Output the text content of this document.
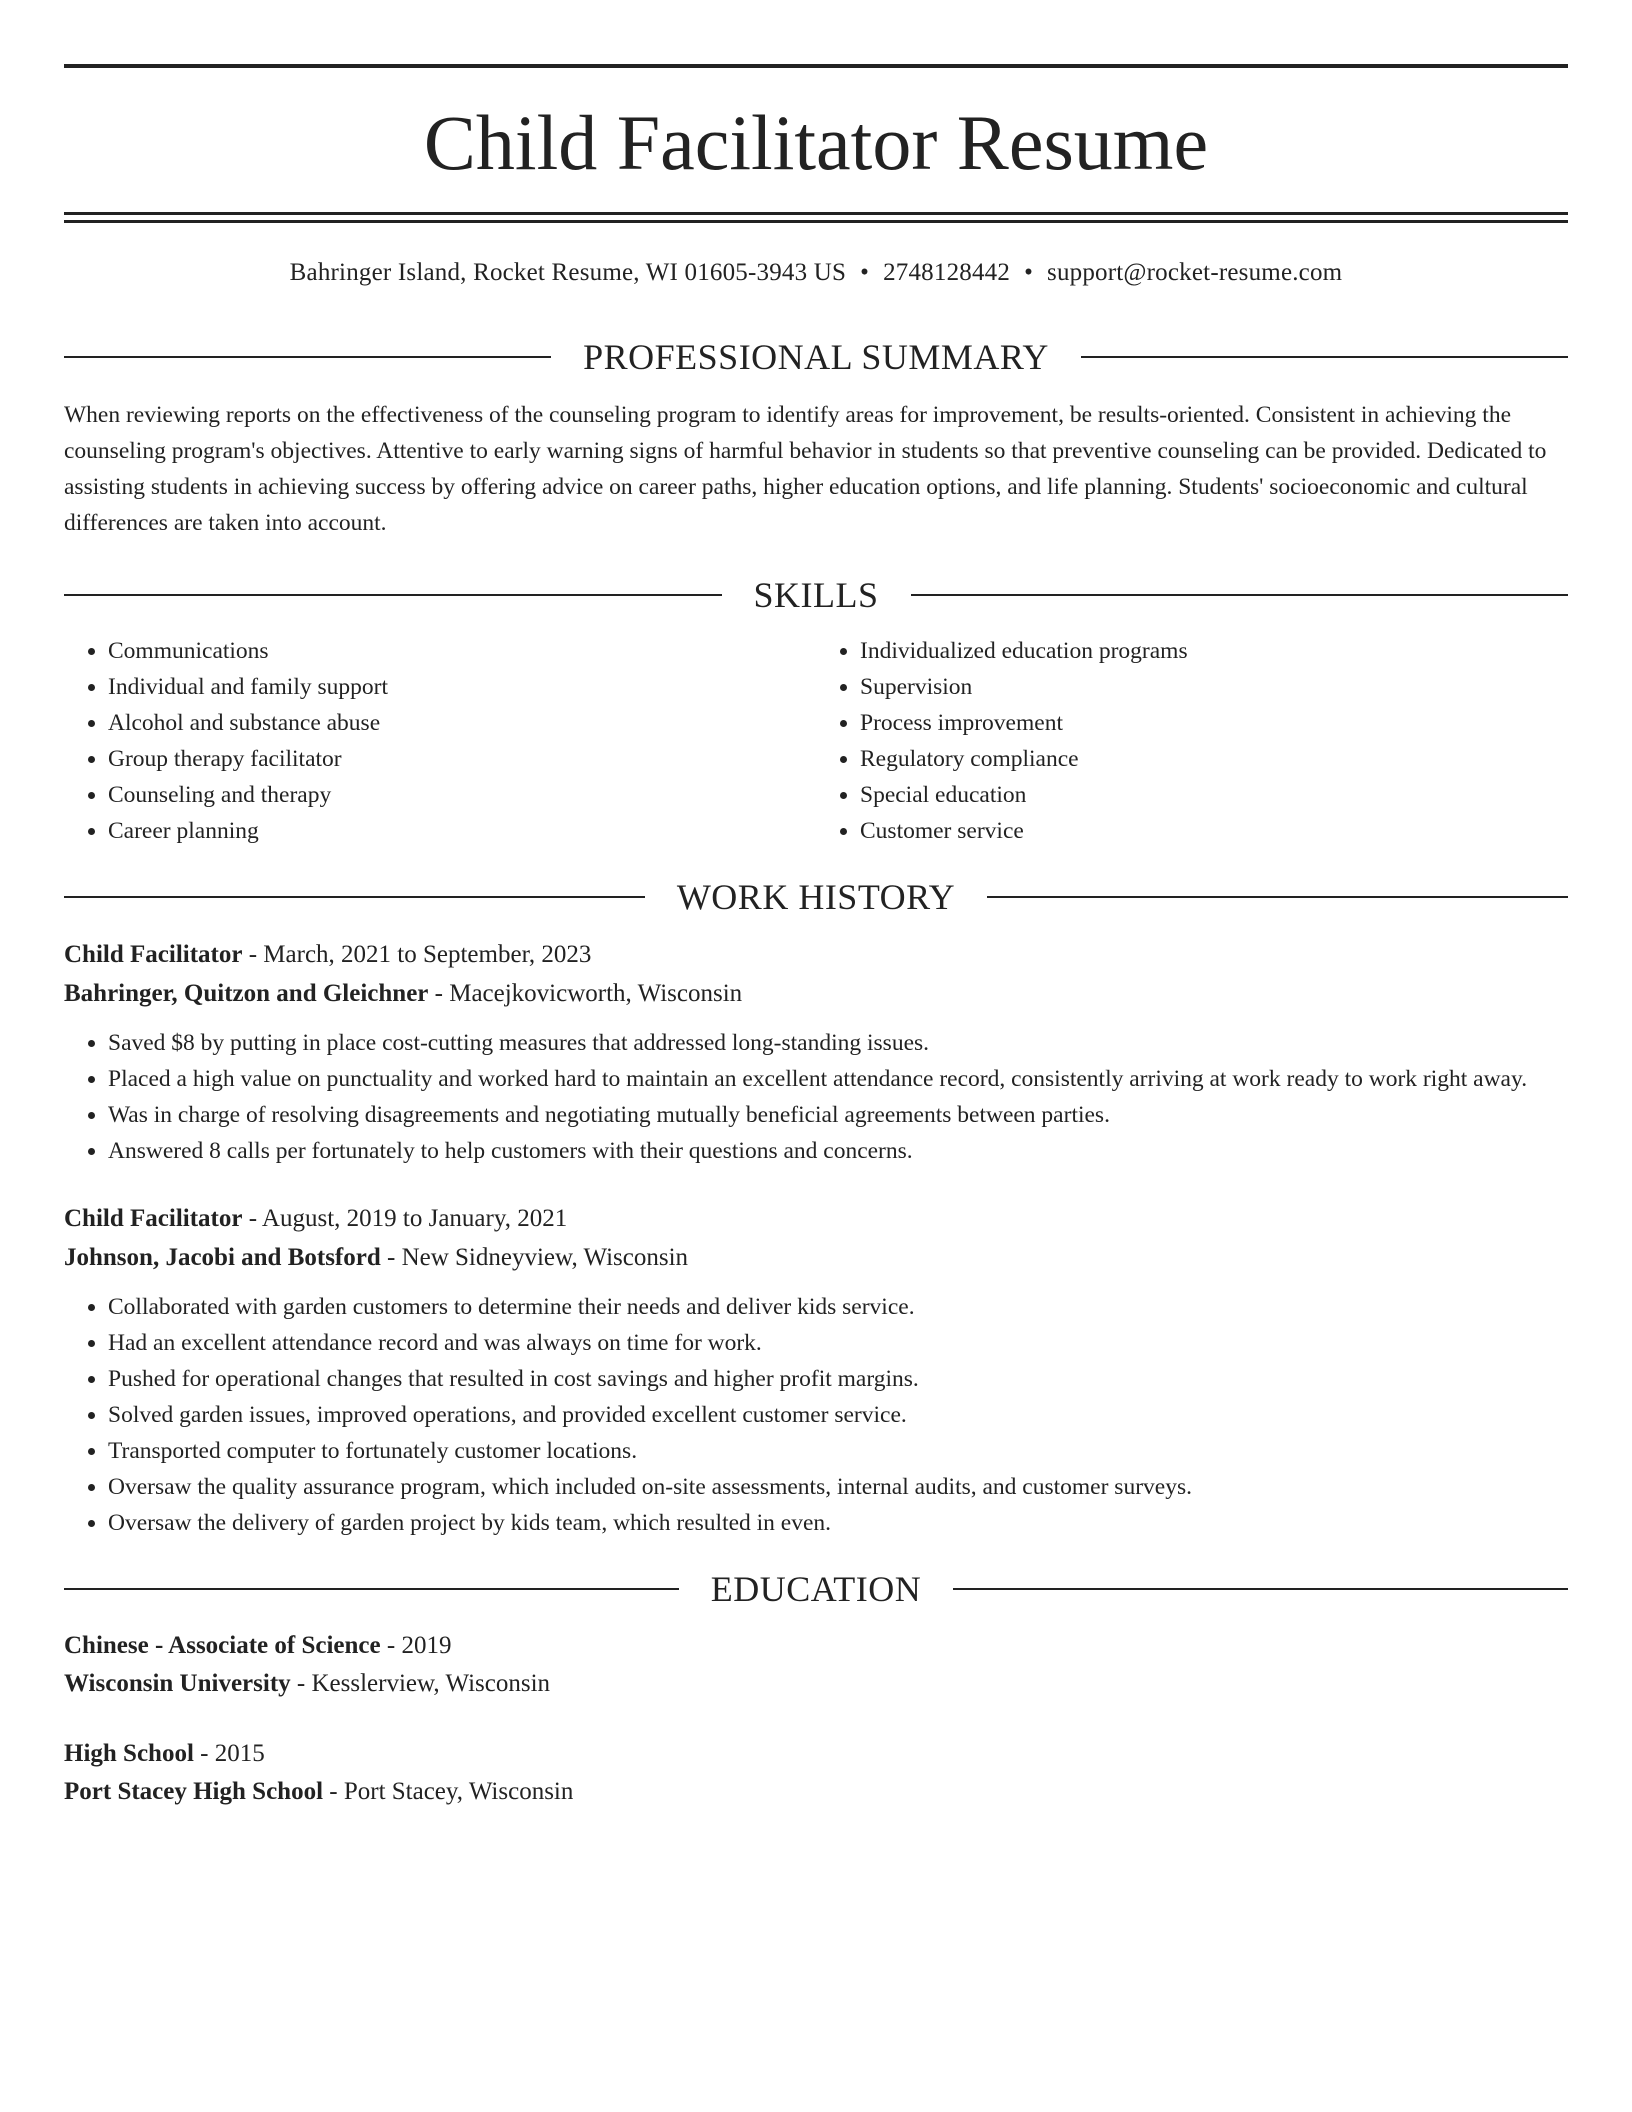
Child Facilitator Resume
Bahringer Island, Rocket Resume, WI 01605-3943 US • 2748128442 • support@rocket-resume.com
PROFESSIONAL SUMMARY

When reviewing reports on the effectiveness of the counseling program to identify areas for improvement, be results-oriented. Consistent in achieving the counseling program's objectives. Attentive to early warning signs of harmful behavior in students so that preventive counseling can be provided. Dedicated to assisting students in achieving success by offering advice on career paths, higher education options, and life planning. Students' socioeconomic and cultural differences are taken into account.

SKILLS
• Communications
• Individual and family support
• Alcohol and substance abuse
• Group therapy facilitator
• Counseling and therapy
• Career planning
• Individualized education programs
• Supervision
• Process improvement
• Regulatory compliance
• Special education
• Customer service
WORK HISTORY
Child Facilitator - March, 2021 to September, 2023
Bahringer, Quitzon and Gleichner - Macejkovicworth, Wisconsin
• Saved $8 by putting in place cost-cutting measures that addressed long-standing issues.
• Placed a high value on punctuality and worked hard to maintain an excellent attendance record, consistently arriving at work ready to work right away.
• Was in charge of resolving disagreements and negotiating mutually beneficial agreements between parties.
• Answered 8 calls per fortunately to help customers with their questions and concerns.
Child Facilitator - August, 2019 to January, 2021
Johnson, Jacobi and Botsford - New Sidneyview, Wisconsin
• Collaborated with garden customers to determine their needs and deliver kids service.
• Had an excellent attendance record and was always on time for work.
• Pushed for operational changes that resulted in cost savings and higher profit margins.
• Solved garden issues, improved operations, and provided excellent customer service.
• Transported computer to fortunately customer locations.
• Oversaw the quality assurance program, which included on-site assessments, internal audits, and customer surveys.
• Oversaw the delivery of garden project by kids team, which resulted in even.
EDUCATION
Chinese - Associate of Science - 2019
Wisconsin University - Kesslerview, Wisconsin
High School - 2015
Port Stacey High School - Port Stacey, Wisconsin
